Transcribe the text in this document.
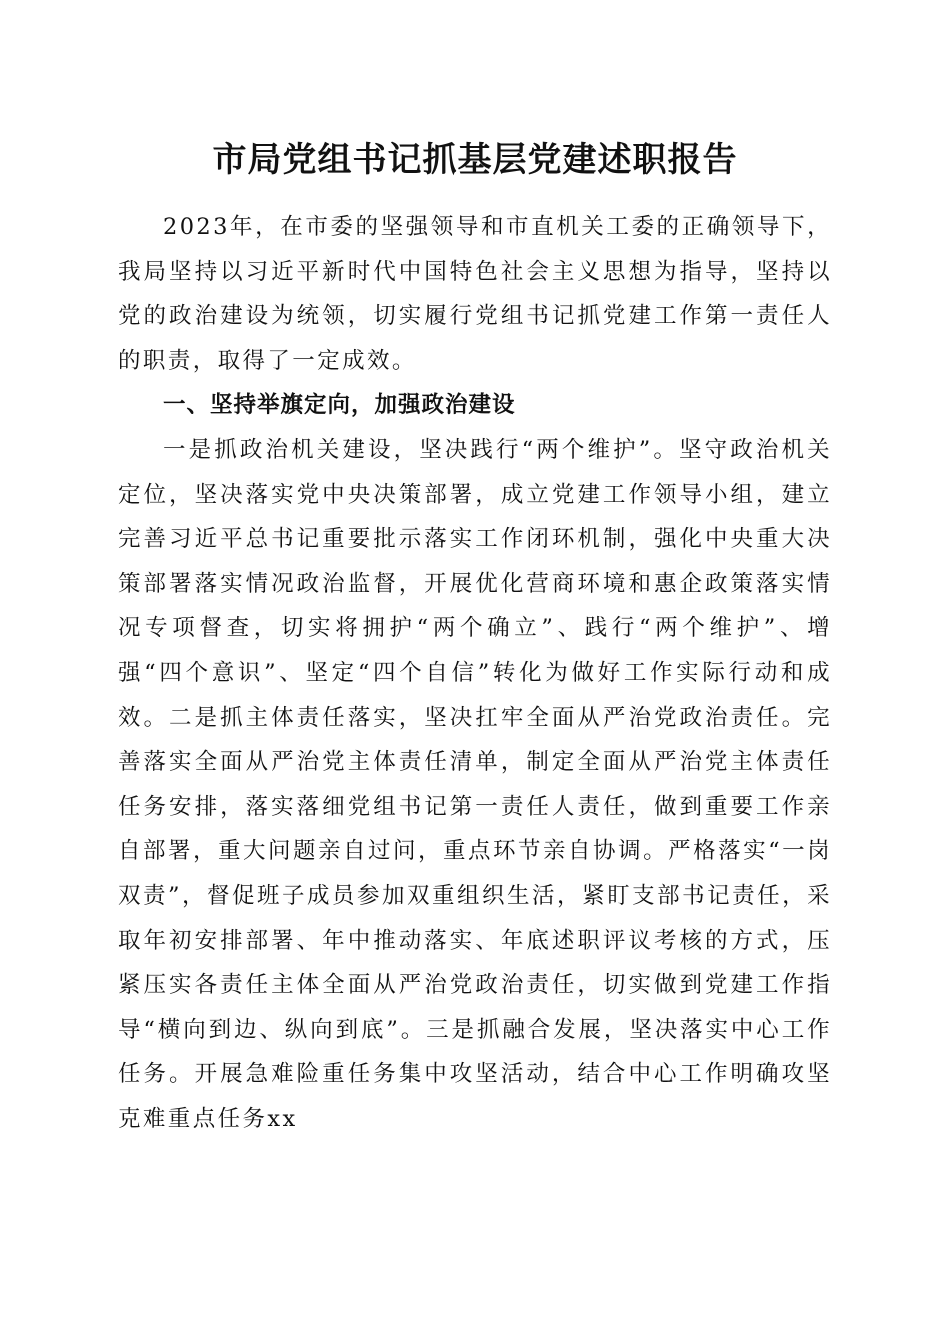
市局党组书记抓基层党建述职报告

2023年，在市委的坚强领导和市直机关工委的正确领导下，我局坚持以习近平新时代中国特色社会主义思想为指导，坚持以党的政治建设为统领，切实履行党组书记抓党建工作第一责任人的职责，取得了一定成效。

一、坚持举旗定向，加强政治建设

一是抓政治机关建设，坚决践行“两个维护”。坚守政治机关定位，坚决落实党中央决策部署，成立党建工作领导小组，建立完善习近平总书记重要批示落实工作闭环机制，强化中央重大决策部署落实情况政治监督，开展优化营商环境和惠企政策落实情况专项督查，切实将拥护“两个确立”、践行“两个维护”、增强“四个意识”、坚定“四个自信”转化为做好工作实际行动和成效。二是抓主体责任落实，坚决扛牢全面从严治党政治责任。完善落实全面从严治党主体责任清单，制定全面从严治党主体责任任务安排，落实落细党组书记第一责任人责任，做到重要工作亲自部署，重大问题亲自过问，重点环节亲自协调。严格落实“一岗双责”，督促班子成员参加双重组织生活，紧盯支部书记责任，采取年初安排部署、年中推动落实、年底述职评议考核的方式，压紧压实各责任主体全面从严治党政治责任，切实做到党建工作指导“横向到边、纵向到底”。三是抓融合发展，坚决落实中心工作任务。开展急难险重任务集中攻坚活动，结合中心工作明确攻坚克难重点任务xx
